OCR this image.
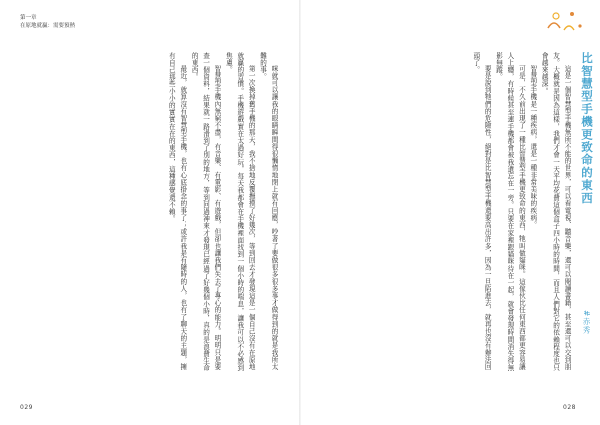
第一章
在原地就贏：需要預熱

咪就可以讓我的眼睛瞬間得很懶惰地閉上就有回應，吵著了要做很多很多事才做得到的就是我所太難的事。

第一次換掉舊手機的那天，我不捨地反覆撫摸了好幾次，等到回去才發現這是一個自己沒有在原地就贏的習慣。手機遊戲實在太過好玩，每天我都會在手機裡面找到一個小時的喘息，讓我可以不必感到焦慮。

智慧型手機內無窮不盡，有音樂、有電影、有遊戲，但卻也讓我們失去了專心的能力。明明只是要查一個資料，結果就一路滑到了別的地方，等到回過神來才發現已經過了好幾個小時，真的是浪費生命的東西。

最近，就算沒有智慧型手機，也有心底掛念的事了；或許我是有隨時的人，也有了聊天的主題，擁有自己那些小小的實實在在的東西，這種感覺還不賴。

029
比智慧型手機更致命的東西
#赤秀

這是一個智慧型手機無所不能的世界，可以看電視、聽音樂，還可以閱讀書籍，甚至還可以交到朋友。大概就是因為這樣，我們才會一天平均花費這個盒子四小時的時間，而且人們對它的依賴程度也只會越來越深。

智慧型手機是一種疾病，還是一種非常美味的疾病。

可是，不久前出現了一種比智慧型手機更致命的東西，牠叫做貓咪。這傢伙比任何東西都更容易讓人上癮，有時候甚至連手機都會被我遺忘在一旁。只要在家裡跟貓咪待在一起，就會發現時間消失得無影無蹤。

要是說到牠們的危險性，絕對是比智慧型手機還要高出許多，因為一旦陷進去，就再也沒有辦法回頭了。

028
